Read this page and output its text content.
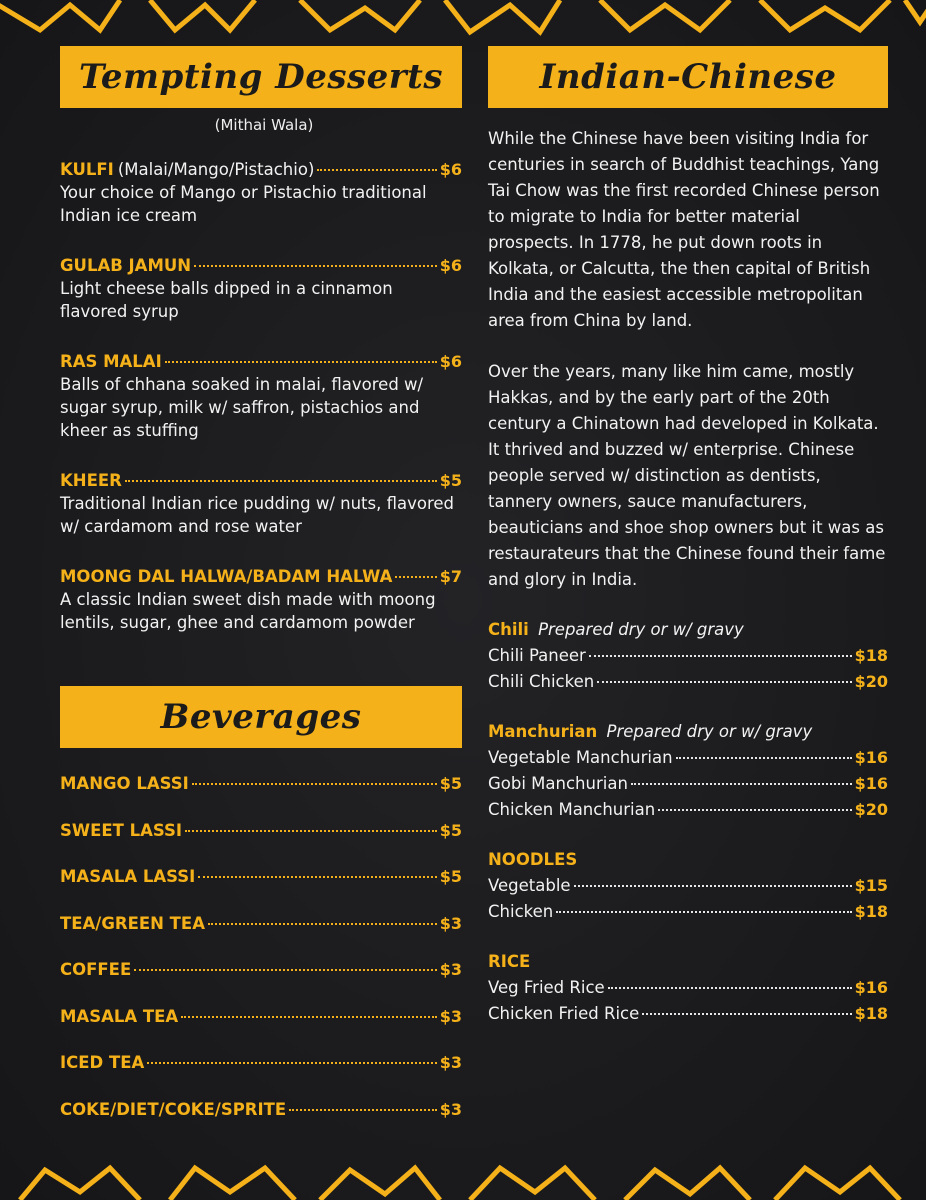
Tempting Desserts
(Mithai Wala)
KULFI (Malai/Mango/Pistachio)	$6
Your choice of Mango or Pistachio traditional
Indian ice cream
GULAB JAMUN	$6
Light cheese balls dipped in a cinnamon
flavored syrup
RAS MALAI	$6
Balls of chhana soaked in malai, flavored w/
sugar syrup, milk w/ saffron, pistachios and
kheer as stuffing
KHEER	$5
Traditional Indian rice pudding w/ nuts, flavored
w/ cardamom and rose water
MOONG DAL HALWA/BADAM HALWA	$7
A classic Indian sweet dish made with moong
lentils, sugar, ghee and cardamom powder
Beverages
MANGO LASSI	$5
SWEET LASSI	$5
MASALA LASSI	$5
TEA/GREEN TEA	$3
COFFEE	$3
MASALA TEA	$3
ICED TEA	$3
COKE/DIET/COKE/SPRITE	$3
Indian-Chinese

While the Chinese have been visiting India for centuries in search of Buddhist teachings, Yang Tai Chow was the first recorded Chinese person to migrate to India for better material prospects. In 1778, he put down roots in Kolkata, or Calcutta, the then capital of British India and the easiest accessible metropolitan area from China by land.

Over the years, many like him came, mostly Hakkas, and by the early part of the 20th century a Chinatown had developed in Kolkata. It thrived and buzzed w/ enterprise. Chinese people served w/ distinction as dentists, tannery owners, sauce manufacturers, beauticians and shoe shop owners but it was as restaurateurs that the Chinese found their fame and glory in India.

Chili Prepared dry or w/ gravy
Chili Paneer	$18
Chili Chicken	$20
Manchurian Prepared dry or w/ gravy
Vegetable Manchurian	$16
Gobi Manchurian	$16
Chicken Manchurian	$20
NOODLES
Vegetable	$15
Chicken	$18
RICE
Veg Fried Rice	$16
Chicken Fried Rice	$18
